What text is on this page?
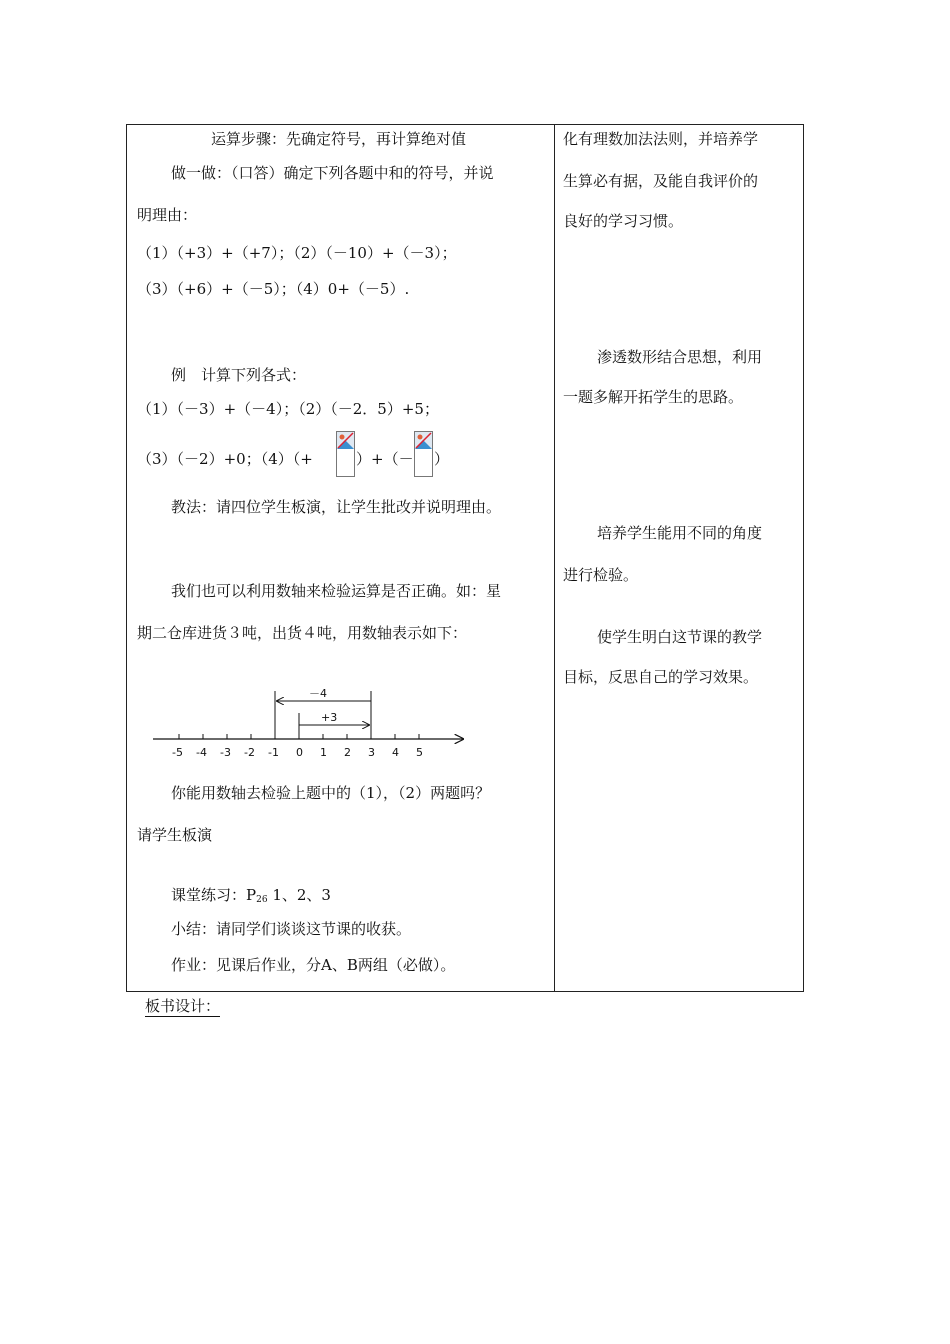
运算步骤：先确定符号，再计算绝对值
做一做：（口答）确定下列各题中和的符号，并说
明理由：
（1）（+3）+（+7）；（2）（－10）+（－3）；
（3）（+6）+（－5）；（4）0+（－5）.
例　计算下列各式：
（1）（－3）+（－4）；（2）（－2．5）+5；
（3）（－2）+0；（4）（+	）+（－ ）
教法：请四位学生板演，让学生批改并说明理由。
我们也可以利用数轴来检验运算是否正确。如：星
期二仓库进货３吨，出货４吨，用数轴表示如下：
-5 -4 -3 -2 -1 0 1 2 3 4 5
－4
+3
你能用数轴去检验上题中的（1），（2）两题吗？
请学生板演
课堂练习：$P_{26}$ 1、2、3
小结：请同学们谈谈这节课的收获。
作业：见课后作业，分A、B两组（必做）。
化有理数加法法则，并培养学
生算必有据，及能自我评价的
良好的学习习惯。
渗透数形结合思想，利用
一题多解开拓学生的思路。
培养学生能用不同的角度
进行检验。
使学生明白这节课的教学
目标，反思自己的学习效果。
板书设计：
